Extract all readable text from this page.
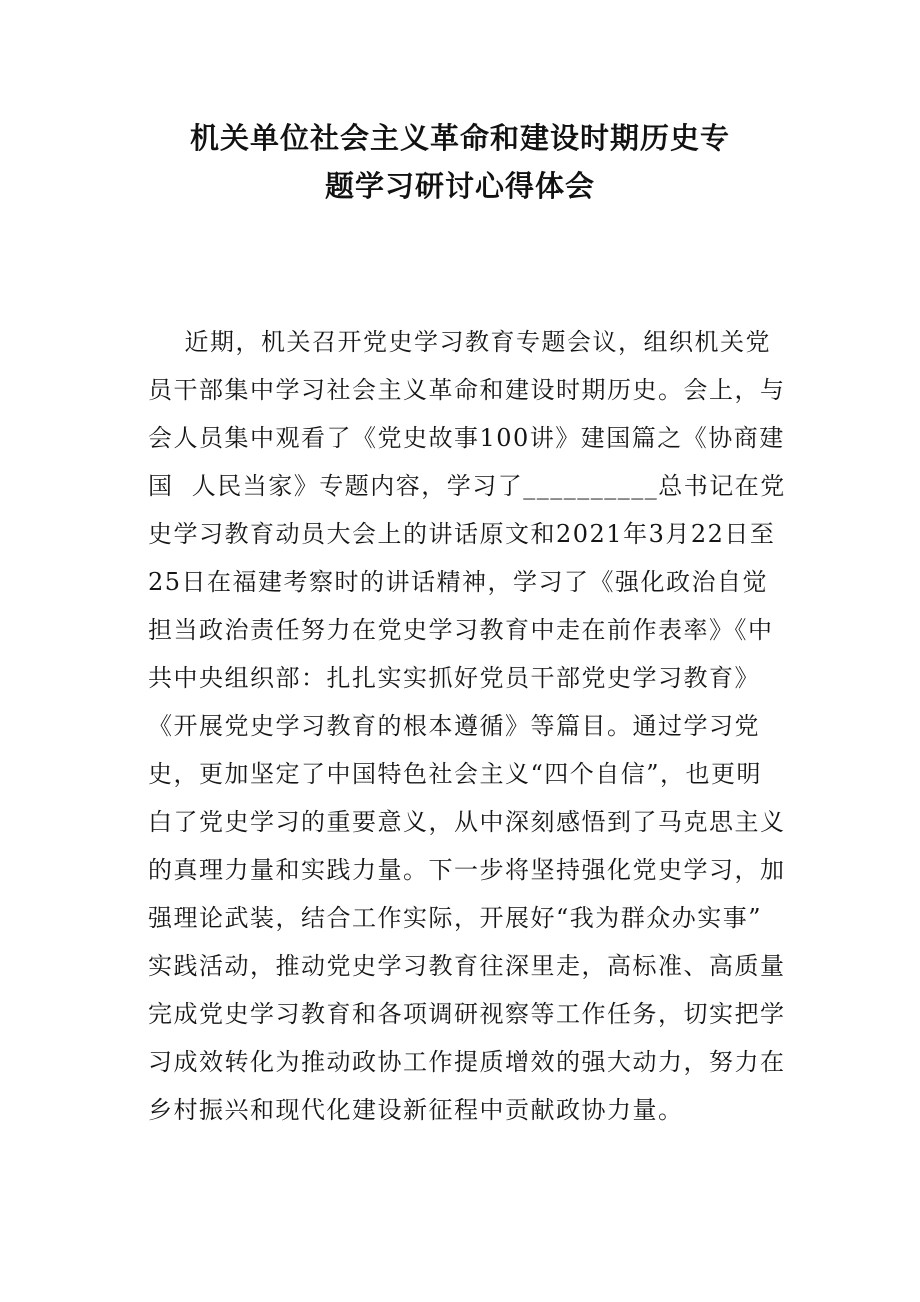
机关单位社会主义革命和建设时期历史专
题学习研讨心得体会
近期，机关召开党史学习教育专题会议，组织机关党
员干部集中学习社会主义革命和建设时期历史。会上，与
会人员集中观看了《党史故事100讲》建国篇之《协商建
国  人民当家》专题内容，学习了__________总书记在党
史学习教育动员大会上的讲话原文和2021年3月22日至
25日在福建考察时的讲话精神，学习了《强化政治自觉
担当政治责任努力在党史学习教育中走在前作表率》《中
共中央组织部：扎扎实实抓好党员干部党史学习教育》
《开展党史学习教育的根本遵循》等篇目。通过学习党
史，更加坚定了中国特色社会主义“四个自信”，也更明
白了党史学习的重要意义，从中深刻感悟到了马克思主义
的真理力量和实践力量。下一步将坚持强化党史学习，加
强理论武装，结合工作实际，开展好“我为群众办实事”
实践活动，推动党史学习教育往深里走，高标准、高质量
完成党史学习教育和各项调研视察等工作任务，切实把学
习成效转化为推动政协工作提质增效的强大动力，努力在
乡村振兴和现代化建设新征程中贡献政协力量。
